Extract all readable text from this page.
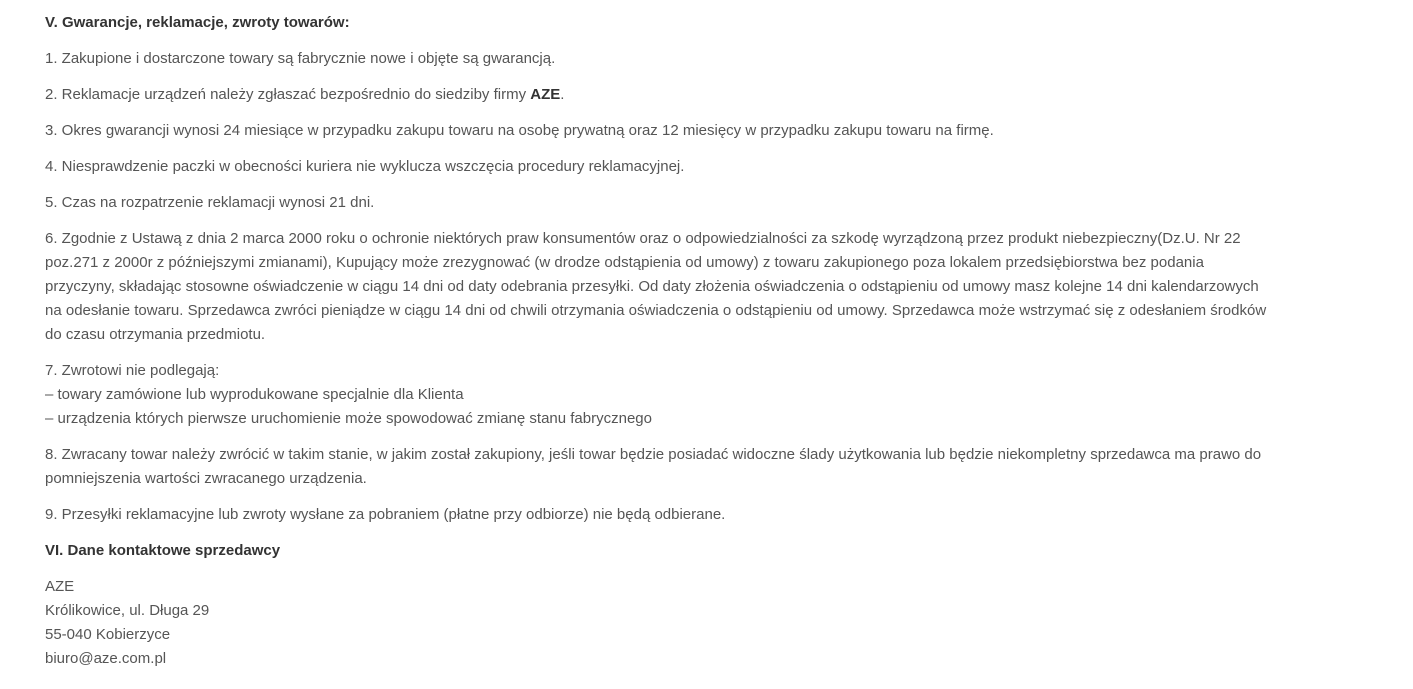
V. Gwarancje, reklamacje, zwroty towarów:

1. Zakupione i dostarczone towary są fabrycznie nowe i objęte są gwarancją.

2. Reklamacje urządzeń należy zgłaszać bezpośrednio do siedziby firmy AZE.

3. Okres gwarancji wynosi 24 miesiące w przypadku zakupu towaru na osobę prywatną oraz 12 miesięcy w przypadku zakupu towaru na firmę.

4. Niesprawdzenie paczki w obecności kuriera nie wyklucza wszczęcia procedury reklamacyjnej.

5. Czas na rozpatrzenie reklamacji wynosi 21 dni.

6. Zgodnie z Ustawą z dnia 2 marca 2000 roku o ochronie niektórych praw konsumentów oraz o odpowiedzialności za szkodę wyrządzoną przez produkt niebezpieczny(Dz.U. Nr 22 poz.271 z 2000r z późniejszymi zmianami), Kupujący może zrezygnować (w drodze odstąpienia od umowy) z towaru zakupionego poza lokalem przedsiębiorstwa bez podania przyczyny, składając stosowne oświadczenie w ciągu 14 dni od daty odebrania przesyłki. Od daty złożenia oświadczenia o odstąpieniu od umowy masz kolejne 14 dni kalendarzowych na odesłanie towaru. Sprzedawca zwróci pieniądze w ciągu 14 dni od chwili otrzymania oświadczenia o odstąpieniu od umowy. Sprzedawca może wstrzymać się z odesłaniem środków do czasu otrzymania przedmiotu.

7. Zwrotowi nie podlegają:
– towary zamówione lub wyprodukowane specjalnie dla Klienta
– urządzenia których pierwsze uruchomienie może spowodować zmianę stanu fabrycznego

8. Zwracany towar należy zwrócić w takim stanie, w jakim został zakupiony, jeśli towar będzie posiadać widoczne ślady użytkowania lub będzie niekompletny sprzedawca ma prawo do pomniejszenia wartości zwracanego urządzenia.

9. Przesyłki reklamacyjne lub zwroty wysłane za pobraniem (płatne przy odbiorze) nie będą odbierane.

VI. Dane kontaktowe sprzedawcy

AZE
Królikowice, ul. Długa 29
55-040 Kobierzyce
biuro@aze.com.pl
